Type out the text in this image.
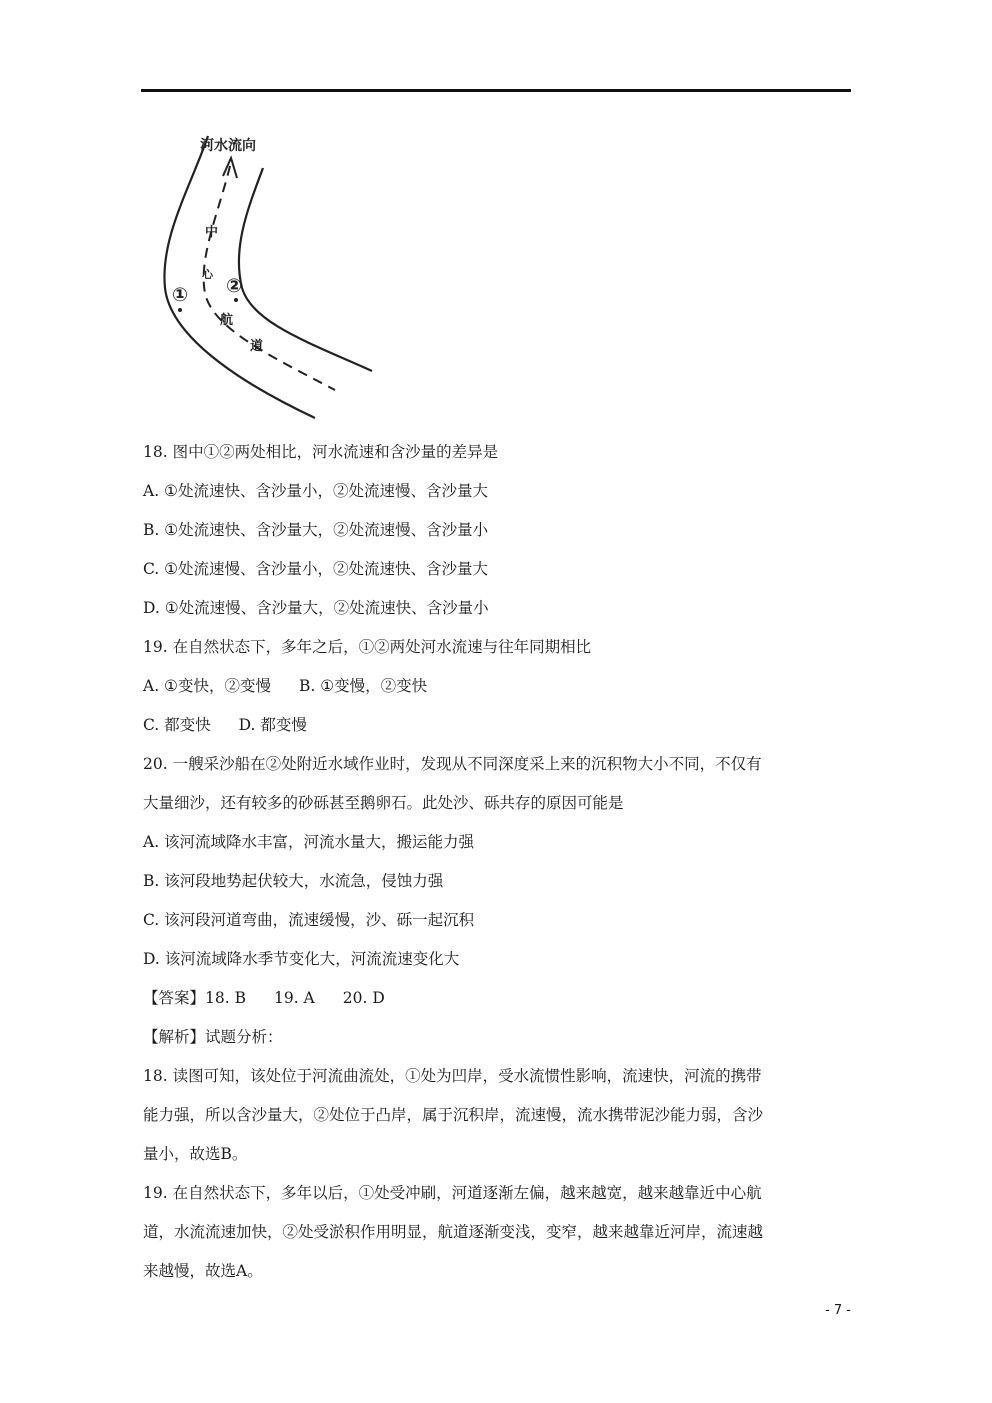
河水流向
中
心
航
道
① ②
18. 图中①②两处相比，河水流速和含沙量的差异是
A. ①处流速快、含沙量小，②处流速慢、含沙量大
B. ①处流速快、含沙量大，②处流速慢、含沙量小
C. ①处流速慢、含沙量小，②处流速快、含沙量大
D. ①处流速慢、含沙量大，②处流速快、含沙量小
19. 在自然状态下，多年之后，①②两处河水流速与往年同期相比
A. ①变快，②变慢 B. ①变慢，②变快
C. 都变快 D. 都变慢
20. 一艘采沙船在②处附近水域作业时，发现从不同深度采上来的沉积物大小不同，不仅有
大量细沙，还有较多的砂砾甚至鹅卵石。此处沙、砾共存的原因可能是
A. 该河流域降水丰富，河流水量大，搬运能力强
B. 该河段地势起伏较大，水流急，侵蚀力强
C. 该河段河道弯曲，流速缓慢，沙、砾一起沉积
D. 该河流域降水季节变化大，河流流速变化大
【答案】18. B 19. A 20. D
【解析】试题分析：
18. 读图可知，该处位于河流曲流处，①处为凹岸，受水流惯性影响，流速快，河流的携带
能力强，所以含沙量大，②处位于凸岸，属于沉积岸，流速慢，流水携带泥沙能力弱，含沙
量小，故选B。
19. 在自然状态下，多年以后，①处受冲刷，河道逐渐左偏，越来越宽，越来越靠近中心航
道，水流流速加快，②处受淤积作用明显，航道逐渐变浅，变窄，越来越靠近河岸，流速越
来越慢，故选A。
- 7 -
